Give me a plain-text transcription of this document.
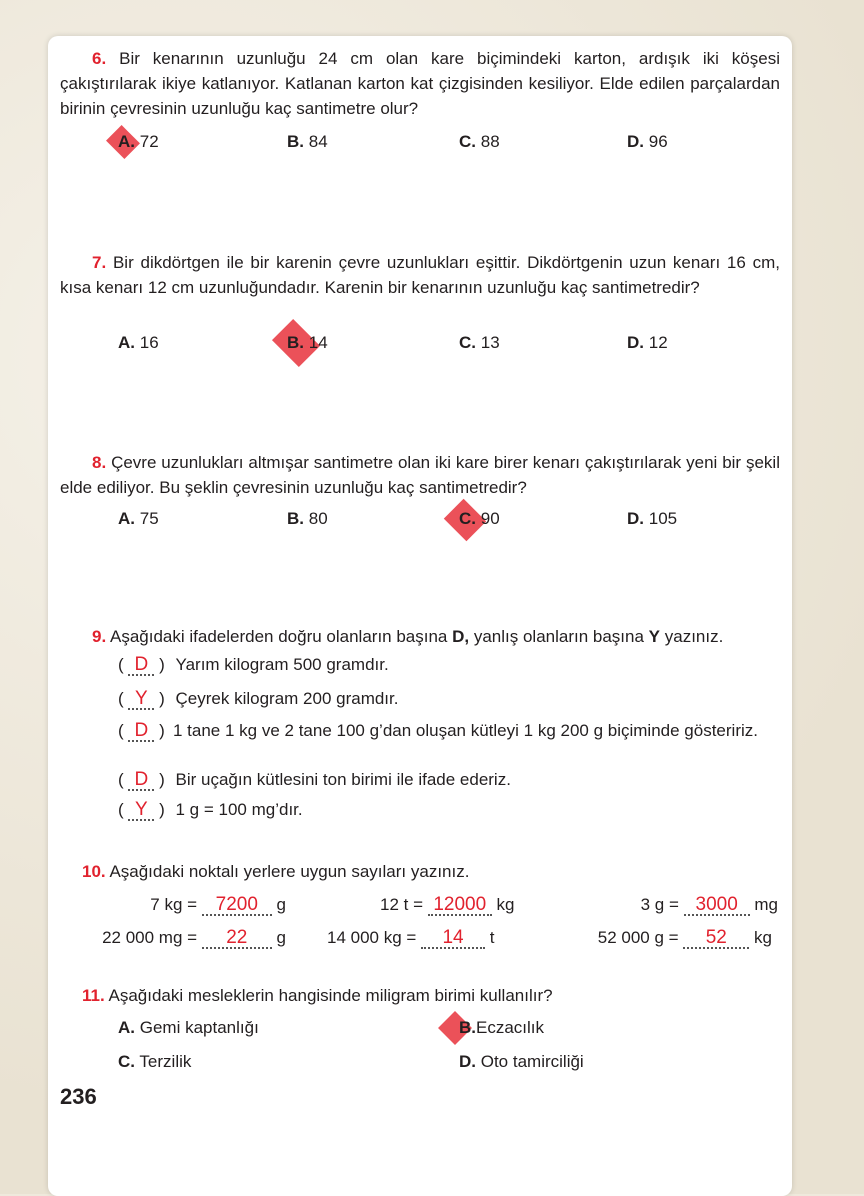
6. Bir kenarının uzunluğu 24 cm olan kare biçimindeki karton, ardışık iki köşesi çakıştırılarak ikiye katlanıyor. Katlanan karton kat çizgisinden kesiliyor. Elde edilen parçalardan birinin çevresinin uzunluğu kaç santimetre olur?
A. 72	B. 84	C. 88	D. 96
7. Bir dikdörtgen ile bir karenin çevre uzunlukları eşittir. Dikdörtgenin uzun kenarı 16 cm, kısa kenarı 12 cm uzunluğundadır. Karenin bir kenarının uzunluğu kaç santimetredir?
A. 16	B. 14	C. 13	D. 12
8. Çevre uzunlukları altmışar santimetre olan iki kare birer kenarı çakıştırılarak yeni bir şekil elde ediliyor. Bu şeklin çevresinin uzunluğu kaç santimetredir?
A. 75	B. 80	C. 90	D. 105
9. Aşağıdaki ifadelerden doğru olanların başına D, yanlış olanların başına Y yazınız.
( D ) Yarım kilogram 500 gramdır.
( Y ) Çeyrek kilogram 200 gramdır.
( D ) 1 tane 1 kg ve 2 tane 100 g’dan oluşan kütleyi 1 kg 200 g biçiminde gösteririz.
( D ) Bir uçağın kütlesini ton birimi ile ifade ederiz.
( Y ) 1 g = 100 mg’dır.
10. Aşağıdaki noktalı yerlere uygun sayıları yazınız.
7 kg = 7200 g	12 t = 12000 kg	3 g = 3000 mg
22 000 mg = 22 g 14 000 kg = 14 t	52 000 g = 52 kg
11. Aşağıdaki mesleklerin hangisinde miligram birimi kullanılır?
A. Gemi kaptanlığı	B.Eczacılık
C. Terzilik	D. Oto tamirciliği
236
